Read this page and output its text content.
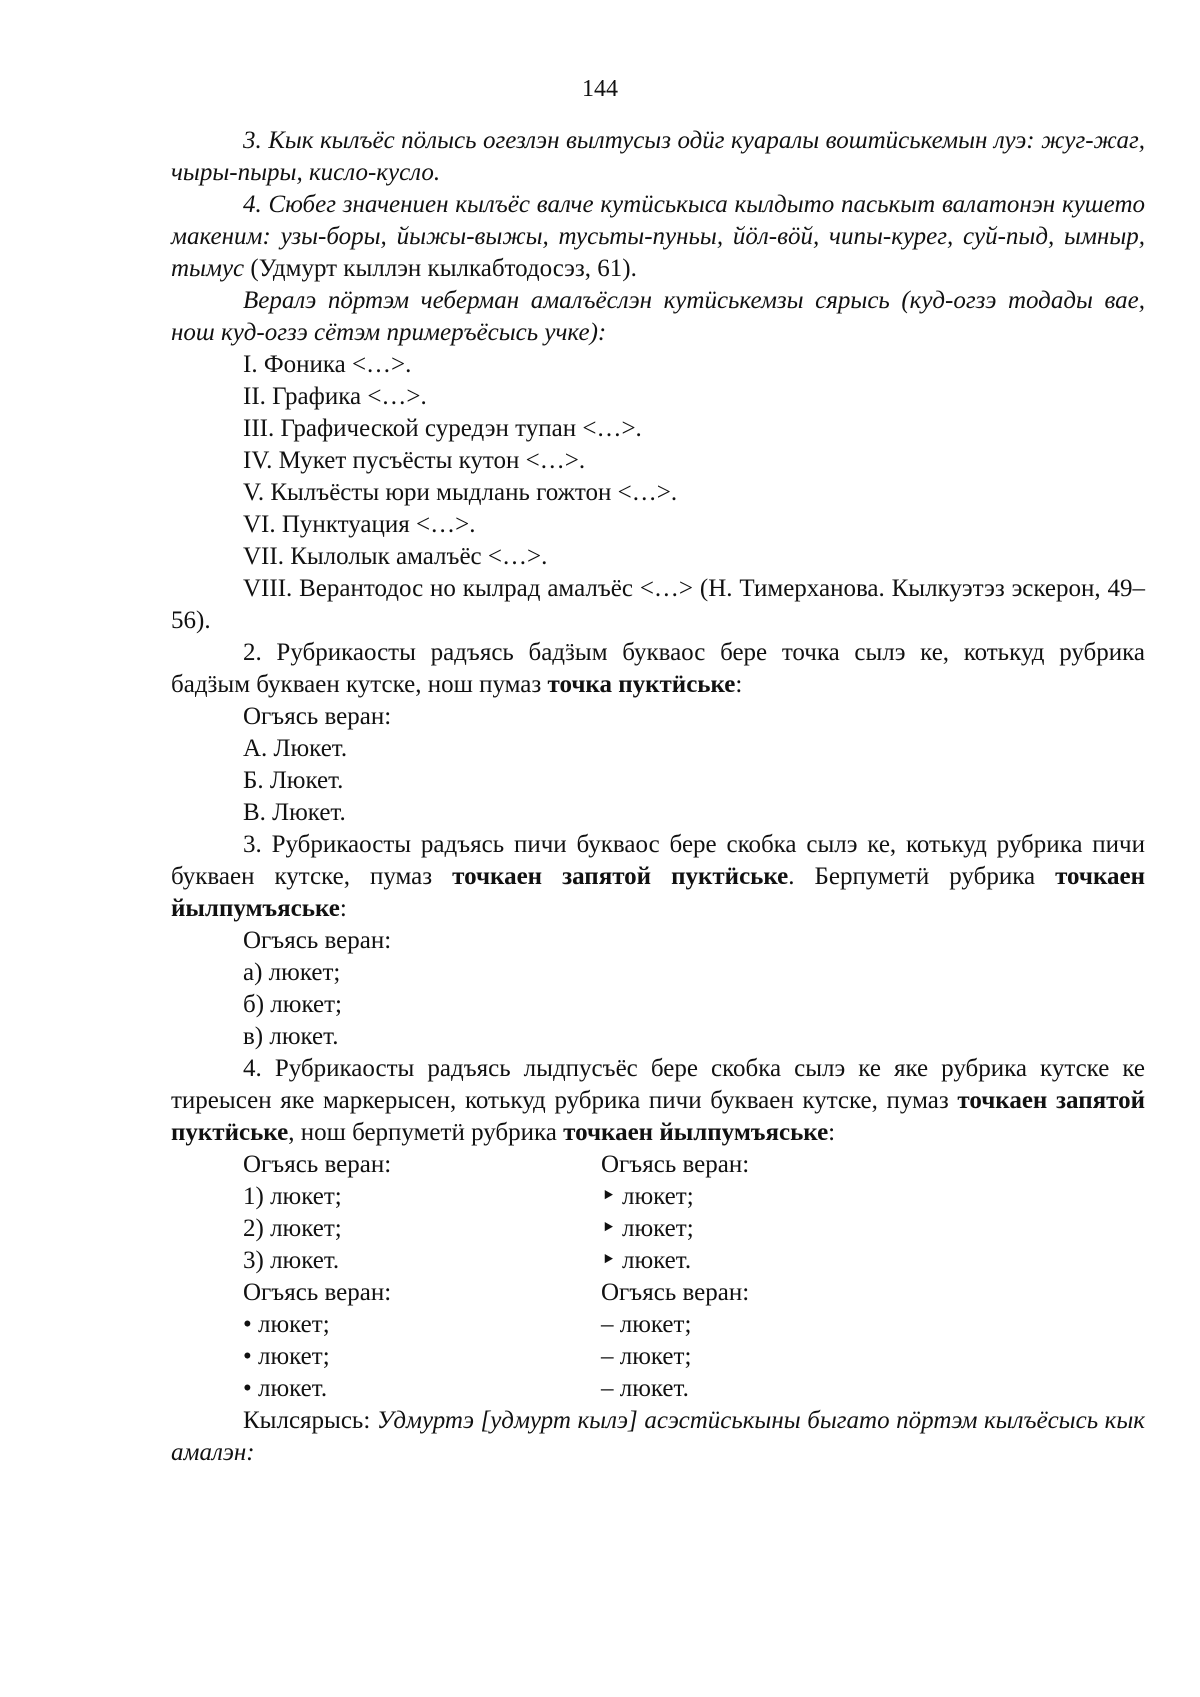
144

3. Кык кылъёс пӧлысь огезлэн вылтусыз одӥг куаралы воштӥськемын луэ: жуг-жаг, чыры-пыры, кисло-кусло.

4. Сюбег значениен кылъёс валче кутӥськыса кылдыто паськыт валатонэн кушето макеним: узы-боры, йыжы-выжы, тусьты-пуньы, йӧл-вӧй, чипы-курег, суй-пыд, ымныр, тымус (Удмурт кыллэн кылкабтодосэз, 61).

Вералэ пӧртэм чеберман амалъёслэн кутӥськемзы сярысь (куд-огзэ тодады вае, нош куд-огзэ сётэм примеръёсысь учке):

I. Фоника <…>.

II. Графика <…>.

III. Графической суредэн тупан <…>.

IV. Мукет пусъёсты кутон <…>.

V. Кылъёсты юри мыдлань гожтон <…>.

VI. Пунктуация <…>.

VII. Кылолык амалъёс <…>.

VIII. Верантодос но кылрад амалъёс <…> (Н. Тимерханова. Кылкуэтэз эскерон, 49–56).

2. Рубрикаосты радъясь бадӟым букваос бере точка сылэ ке, котькуд рубрика бадӟым букваен кутске, нош пумаз точка пуктӥське:

Огъясь веран:

А. Люкет.

Б. Люкет.

В. Люкет.

3. Рубрикаосты радъясь пичи букваос бере скобка сылэ ке, котькуд рубрика пичи букваен кутске, пумаз точкаен запятой пуктӥське. Берпуметӥ рубрика точкаен йылпумъяське:

Огъясь веран:

а) люкет;

б) люкет;

в) люкет.

4. Рубрикаосты радъясь лыдпусъёс бере скобка сылэ ке яке рубрика кутске ке тиреысен яке маркерысен, котькуд рубрика пичи букваен кутске, пумаз точкаен запятой пуктӥське, нош берпуметӥ рубрика точкаен йылпумъяське:

Огъясь веран:
1) люкет;
2) люкет;
3) люкет.
Огъясь веран:
‣ люкет;
‣ люкет;
‣ люкет.
Огъясь веран:
• люкет;
• люкет;
• люкет.
Огъясь веран:
– люкет;
– люкет;
– люкет.

Кылсярысь: Удмуртэ [удмурт кылэ] асэстӥськыны быгато пӧртэм кылъёсысь кык амалэн:
